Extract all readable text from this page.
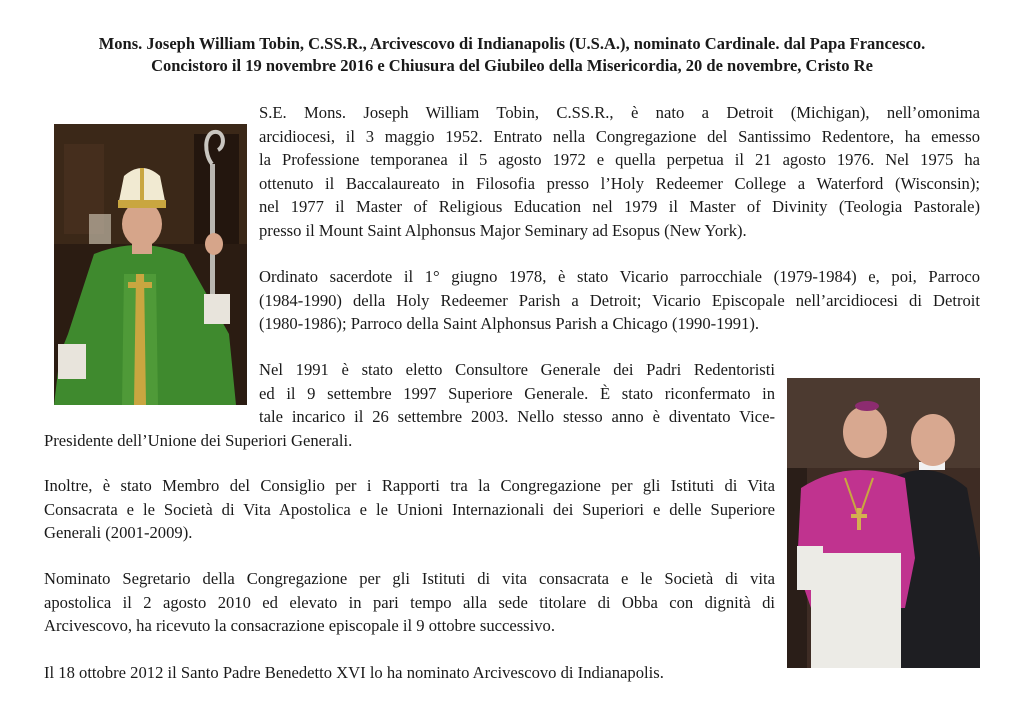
Mons. Joseph William Tobin, C.SS.R., Arcivescovo di Indianapolis (U.S.A.), nominato Cardinale. dal Papa Francesco.
Concistoro il 19 novembre 2016 e Chiusura del Giubileo della Misericordia, 20 de novembre, Cristo Re
S.E. Mons. Joseph William Tobin, C.SS.R., è nato a Detroit (Michigan), nell’omonima
arcidiocesi, il 3 maggio 1952. Entrato nella Congregazione del Santissimo Redentore, ha emesso
la Professione temporanea il 5 agosto 1972 e quella perpetua il 21 agosto 1976. Nel 1975 ha
ottenuto il Baccalaureato in Filosofia presso l’Holy Redeemer College a Waterford (Wisconsin);
nel 1977 il Master of Religious Education nel 1979 il Master of Divinity (Teologia Pastorale)
presso il Mount Saint Alphonsus Major Seminary ad Esopus (New York).
Ordinato sacerdote il 1° giugno 1978, è stato Vicario parrocchiale (1979-1984) e, poi, Parroco
(1984-1990) della Holy Redeemer Parish a Detroit; Vicario Episcopale nell’arcidiocesi di Detroit
(1980-1986); Parroco della Saint Alphonsus Parish a Chicago (1990-1991).
Nel 1991 è stato eletto Consultore Generale dei Padri Redentoristi
ed il 9 settembre 1997 Superiore Generale. È stato riconfermato in
tale incarico il 26 settembre 2003. Nello stesso anno è diventato Vice-
Presidente dell’Unione dei Superiori Generali.
Inoltre, è stato Membro del Consiglio per i Rapporti tra la Congregazione per gli Istituti di Vita
Consacrata e le Società di Vita Apostolica e le Unioni Internazionali dei Superiori e delle Superiore
Generali (2001-2009).
Nominato Segretario della Congregazione per gli Istituti di vita consacrata e le Società di vita
apostolica il 2 agosto 2010 ed elevato in pari tempo alla sede titolare di Obba con dignità di
Arcivescovo, ha ricevuto la consacrazione episcopale il 9 ottobre successivo.
Il 18 ottobre 2012 il Santo Padre Benedetto XVI lo ha nominato Arcivescovo di Indianapolis.
